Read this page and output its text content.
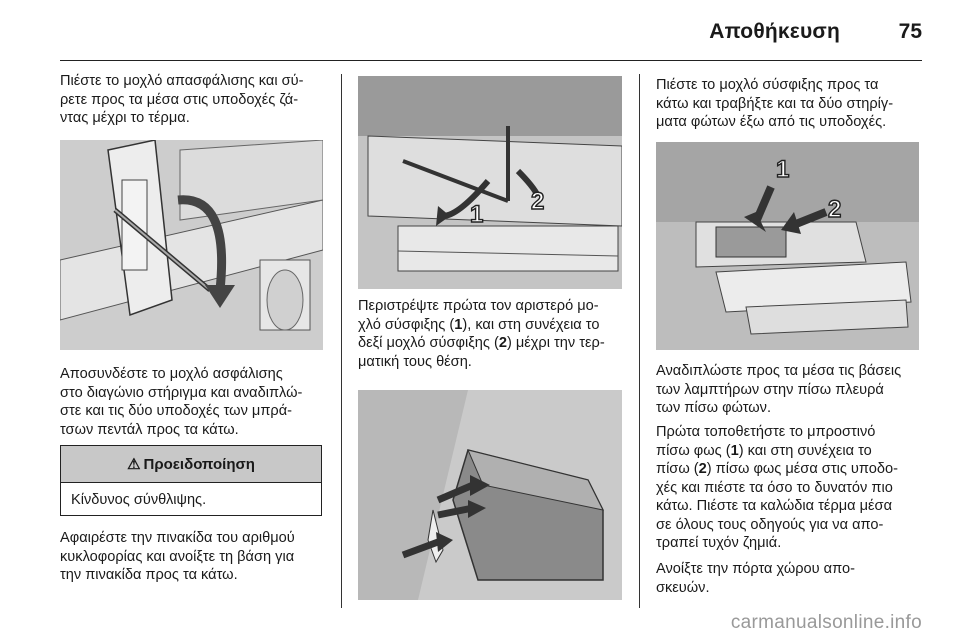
Αποθήκευση	75

Πιέστε το μοχλό απασφάλισης και σύ-

ρετε προς τα μέσα στις υποδοχές ζά-

ντας μέχρι το τέρμα.

Αποσυνδέστε το μοχλό ασφάλισης

στο διαγώνιο στήριγμα και αναδιπλώ-

στε και τις δύο υποδοχές των μπρά-

τσων πεντάλ προς τα κάτω.

⚠ Προειδοποίηση
Κίνδυνος σύνθλιψης.

Αφαιρέστε την πινακίδα του αριθμού

κυκλοφορίας και ανοίξτε τη βάση για

την πινακίδα προς τα κάτω.

1 2

Περιστρέψτε πρώτα τον αριστερό μο-

χλό σύσφιξης (1), και στη συνέχεια το

δεξί μοχλό σύσφιξης (2) μέχρι την τερ-

ματική τους θέση.

Πιέστε το μοχλό σύσφιξης προς τα

κάτω και τραβήξτε και τα δύο στηρίγ-

ματα φώτων έξω από τις υποδοχές.

1
2

Αναδιπλώστε προς τα μέσα τις βάσεις

των λαμπτήρων στην πίσω πλευρά

των πίσω φώτων.

Πρώτα τοποθετήστε το μπροστινό

πίσω φως (1) και στη συνέχεια το

πίσω (2) πίσω φως μέσα στις υποδο-

χές και πιέστε τα όσο το δυνατόν πιο

κάτω. Πιέστε τα καλώδια τέρμα μέσα

σε όλους τους οδηγούς για να απο-

τραπεί τυχόν ζημιά.

Ανοίξτε την πόρτα χώρου απο-

σκευών.

carmanualsonline.info
